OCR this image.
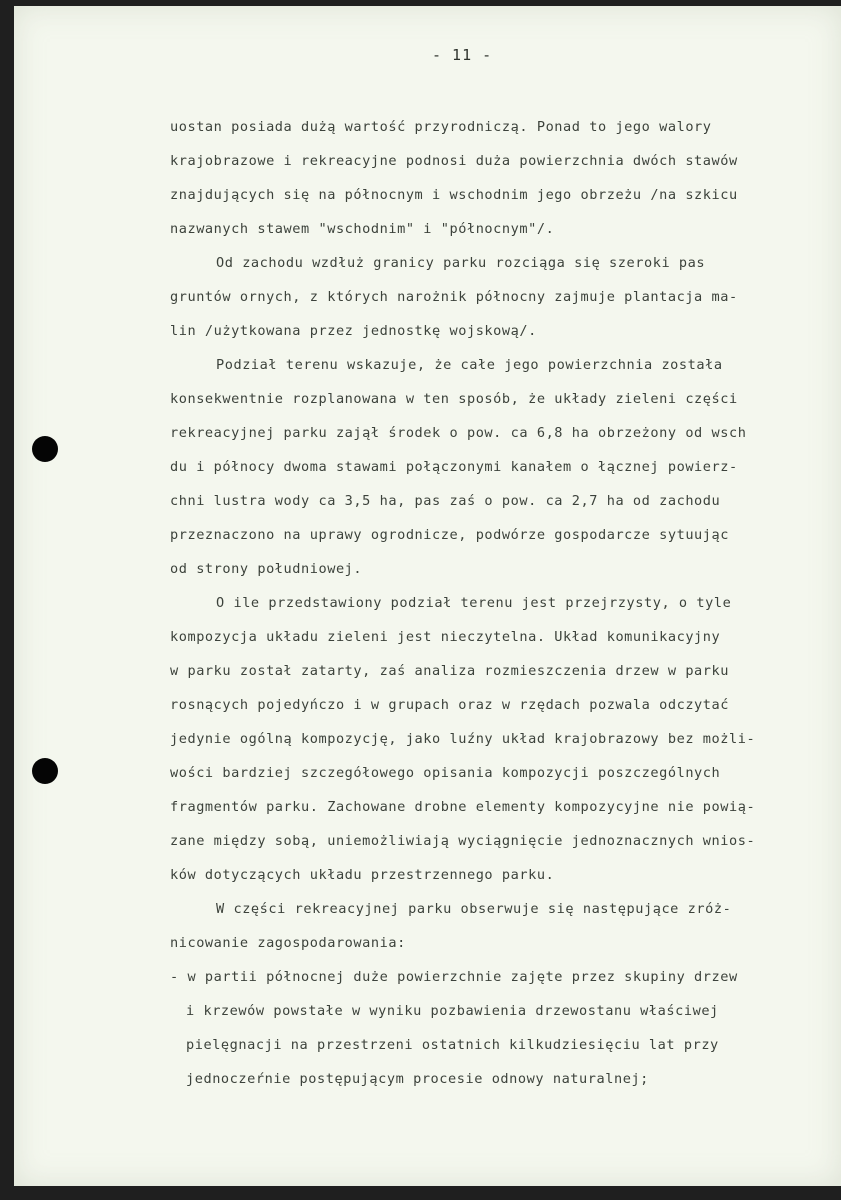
- 11 -
uostan posiada dużą wartość przyrodniczą. Ponad to jego walory
krajobrazowe i rekreacyjne podnosi duża powierzchnia dwóch stawów
znajdujących się na północnym i wschodnim jego obrzeżu /na szkicu
nazwanych stawem "wschodnim" i "północnym"/.
Od zachodu wzdłuż granicy parku rozciąga się szeroki pas
gruntów ornych, z których narożnik północny zajmuje plantacja ma-
lin /użytkowana przez jednostkę wojskową/.
Podział terenu wskazuje, że całe jego powierzchnia została
konsekwentnie rozplanowana w ten sposób, że układy zieleni części
rekreacyjnej parku zajął środek o pow. ca 6,8 ha obrzeżony od wsch
du i północy dwoma stawami połączonymi kanałem o łącznej powierz-
chni lustra wody ca 3,5 ha, pas zaś o pow. ca 2,7 ha od zachodu
przeznaczono na uprawy ogrodnicze, podwórze gospodarcze sytuując
od strony południowej.
O ile przedstawiony podział terenu jest przejrzysty, o tyle
kompozycja układu zieleni jest nieczytelna. Układ komunikacyjny
w parku został zatarty, zaś analiza rozmieszczenia drzew w parku
rosnących pojedyńczo i w grupach oraz w rzędach pozwala odczytać
jedynie ogólną kompozycję, jako luźny układ krajobrazowy bez możli-
wości bardziej szczegółowego opisania kompozycji poszczególnych
fragmentów parku. Zachowane drobne elementy kompozycyjne nie powią-
zane między sobą, uniemożliwiają wyciągnięcie jednoznacznych wnios-
ków dotyczących układu przestrzennego parku.
W części rekreacyjnej parku obserwuje się następujące zróż-
nicowanie zagospodarowania:
- w partii północnej duże powierzchnie zajęte przez skupiny drzew
i krzewów powstałe w wyniku pozbawienia drzewostanu właściwej
pielęgnacji na przestrzeni ostatnich kilkudziesięciu lat przy
jednoczeŕnie postępującym procesie odnowy naturalnej;
